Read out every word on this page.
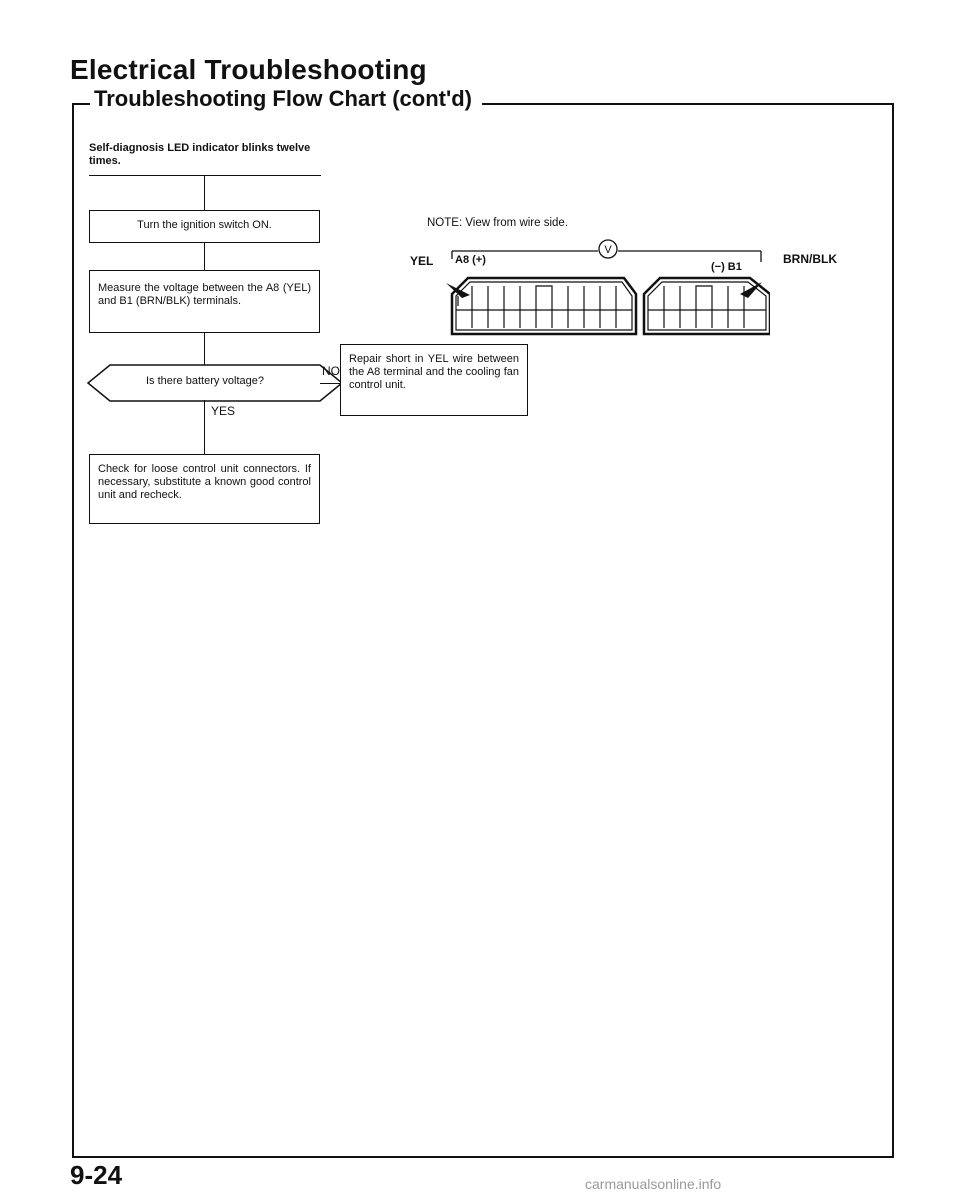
Electrical Troubleshooting
Troubleshooting Flow Chart (cont'd)
Self-diagnosis LED indicator blinks twelve times.
Turn the ignition switch ON.
Measure the voltage between the A8 (YEL) and B1 (BRN/BLK) terminals.
Is there battery voltage?
NO
Repair short in YEL wire between the A8 terminal and the cooling fan control unit.
YES
Check for loose control unit connectors. If necessary, substitute a known good control unit and recheck.
NOTE: View from wire side.
V
YEL A8 (+)
(−) B1
BRN/BLK
9-24	carmanualsonline.info
